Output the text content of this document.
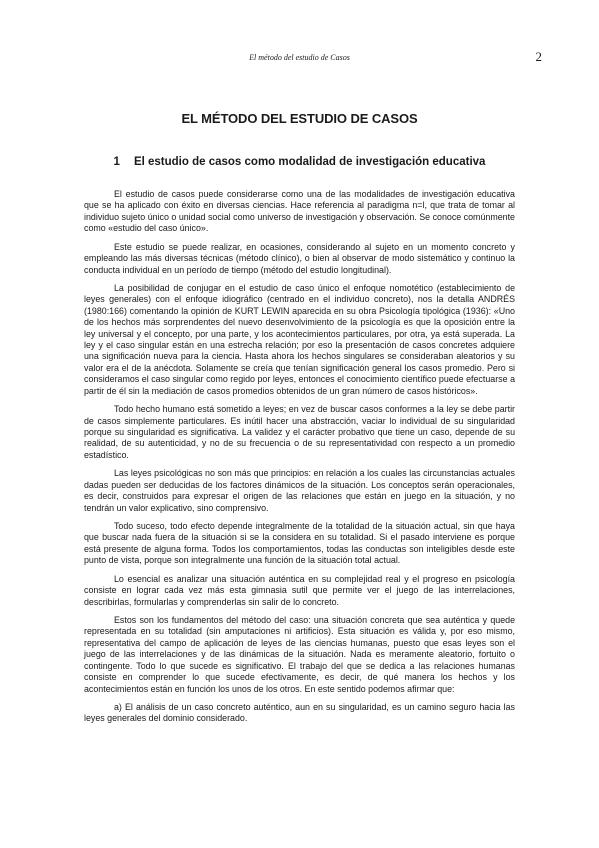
El método del estudio de Casos	2
EL MÉTODO DEL ESTUDIO DE CASOS
1 El estudio de casos como modalidad de investigación educativa

El estudio de casos puede considerarse como una de las modalidades de investigación educativa que se ha aplicado con éxito en diversas ciencias. Hace referencia al paradigma n=l, que trata de tomar al individuo sujeto único o unidad social como universo de investigación y observación. Se conoce comúnmente como «estudio del caso único».

Este estudio se puede realizar, en ocasiones, considerando al sujeto en un momento concreto y empleando las más diversas técnicas (método clínico), o bien al observar de modo sistemático y continuo la conducta individual en un período de tiempo (método del estudio longitudinal).

La posibilidad de conjugar en el estudio de caso único el enfoque nomotético (establecimiento de leyes generales) con el enfoque idiográfico (centrado en el individuo concreto), nos la detalla ANDRÉS (1980:166) comentando la opinión de KURT LEWIN aparecida en su obra Psicología tipológica (1936): «Uno de los hechos más sorprendentes del nuevo desenvolvimiento de la psicología es que la oposición entre la ley universal y el concepto, por una parte, y los acontecimientos particulares, por otra, ya está superada. La ley y el caso singular están en una estrecha relación; por eso la presentación de casos concretes adquiere una significación nueva para la ciencia. Hasta ahora los hechos singulares se consideraban aleatorios y su valor era el de la anécdota. Solamente se creía que tenían significación general los casos promedio. Pero si consideramos el caso singular como regido por leyes, entonces el conocimiento científico puede efectuarse a partir de él sin la mediación de casos promedios obtenidos de un gran número de casos históricos».

Todo hecho humano está sometido a leyes; en vez de buscar casos conformes a la ley se debe partir de casos simplemente particulares. Es inútil hacer una abstracción, vaciar lo individual de su singularidad porque su singularidad es significativa. La validez y el carácter probativo que tiene un caso, depende de su realidad, de su autenticidad, y no de su frecuencia o de su representatividad con respecto a un promedio estadístico.

Las leyes psicológicas no son más que principios: en relación a los cuales las circunstancias actuales dadas pueden ser deducidas de los factores dinámicos de la situación. Los conceptos serán operacionales, es decir, construidos para expresar el origen de las relaciones que están en juego en la situación, y no tendrán un valor explicativo, sino comprensivo.

Todo suceso, todo efecto depende integralmente de la totalidad de la situación actual, sin que haya que buscar nada fuera de la situación si se la considera en su totalidad. Si el pasado interviene es porque está presente de alguna forma. Todos los comportamientos, todas las conductas son inteligibles desde este punto de vista, porque son integralmente una función de la situación total actual.

Lo esencial es analizar una situación auténtica en su complejidad real y el progreso en psicología consiste en lograr cada vez más esta gimnasia sutil que permite ver el juego de las interrelaciones, describirlas, formularlas y comprenderlas sin salir de lo concreto.

Estos son los fundamentos del método del caso: una situación concreta que sea auténtica y quede representada en su totalidad (sin amputaciones ni artificios). Esta situación es válida y, por eso mismo, representativa del campo de aplicación de leyes de las ciencias humanas, puesto que esas leyes son el juego de las interrelaciones y de las dinámicas de la situación. Nada es meramente aleatorio, fortuito o contingente. Todo lo que sucede es significativo. El trabajo del que se dedica a las relaciones humanas consiste en comprender lo que sucede efectivamente, es decir, de qué manera los hechos y los acontecimientos están en función los unos de los otros. En este sentido podemos afirmar que:

a) El análisis de un caso concreto auténtico, aun en su singularidad, es un camino seguro hacia las leyes generales del dominio considerado.
